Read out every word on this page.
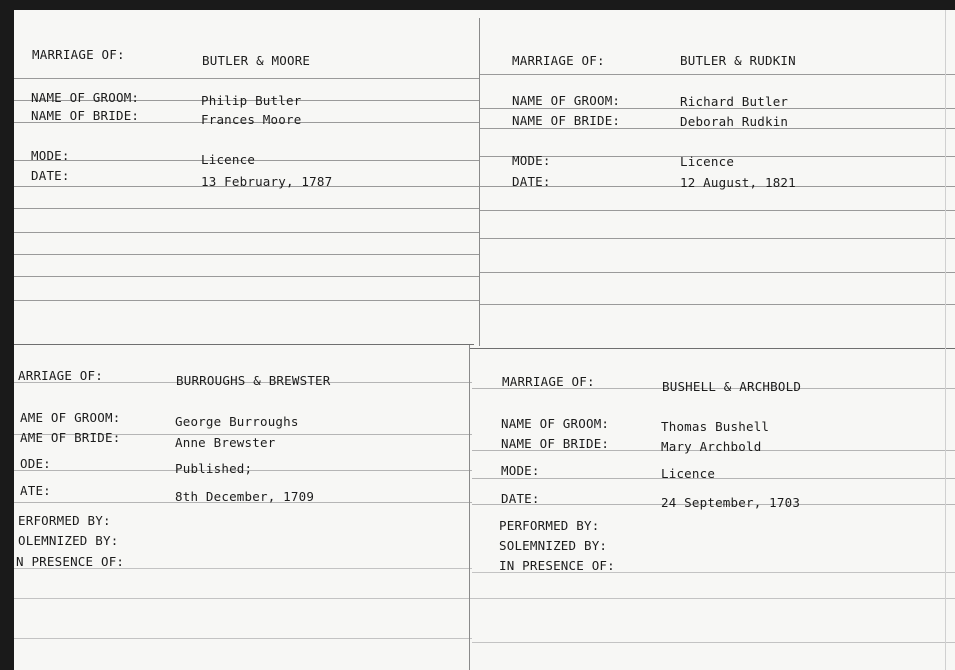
MARRIAGE OF:	BUTLER & MOORE
NAME OF GROOM:	Philip Butler
NAME OF BRIDE:	Frances Moore
MODE:	Licence
DATE:	13 February, 1787
MARRIAGE OF:	BUTLER & RUDKIN
NAME OF GROOM:	Richard Butler
NAME OF BRIDE:	Deborah Rudkin
MODE:	Licence
DATE:	12 August, 1821
ARRIAGE OF:	BURROUGHS & BREWSTER
AME OF GROOM:	George Burroughs
AME OF BRIDE:	Anne Brewster
ODE:	Published;
ATE:	8th December, 1709
ERFORMED BY:
OLEMNIZED BY:
N PRESENCE OF:
MARRIAGE OF:	BUSHELL & ARCHBOLD
NAME OF GROOM:	Thomas Bushell
NAME OF BRIDE:	Mary Archbold
MODE:	Licence
DATE:	24 September, 1703
PERFORMED BY:
SOLEMNIZED BY:
IN PRESENCE OF:
